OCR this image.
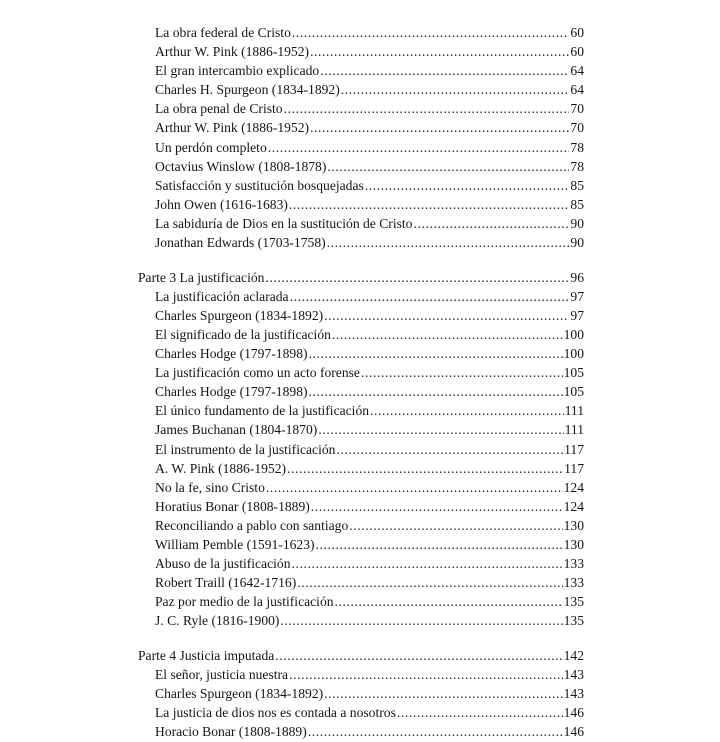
La obra federal de Cristo .....	60
Arthur W. Pink (1886-1952) .....	60
El gran intercambio explicado .....	64
Charles H. Spurgeon (1834-1892) .....	64
La obra penal de Cristo .....	70
Arthur W. Pink (1886-1952) .....	70
Un perdón completo .....	78
Octavius Winslow (1808-1878) .....	78
Satisfacción y sustitución bosquejadas .....	85
John Owen (1616-1683) .....	85
La sabiduría de Dios en la sustitución de Cristo .....	90
Jonathan Edwards (1703-1758) .....	90
Parte 3 La justificación .....	96
La justificación aclarada .....	97
Charles Spurgeon (1834-1892) .....	97
El significado de la justificación .....	100
Charles Hodge (1797-1898) .....	100
La justificación como un acto forense .....	105
Charles Hodge (1797-1898) .....	105
El único fundamento de la justificación .....	111
James Buchanan (1804-1870) .....	111
El instrumento de la justificación .....	117
A. W. Pink (1886-1952) .....	117
No la fe, sino Cristo .....	124
Horatius Bonar (1808-1889) .....	124
Reconciliando a pablo con santiago .....	130
William Pemble (1591-1623) .....	130
Abuso de la justificación .....	133
Robert Traill (1642-1716) .....	133
Paz por medio de la justificación .....	135
J. C. Ryle (1816-1900) .....	135
Parte 4 Justicia imputada .....	142
El señor, justicia nuestra .....	143
Charles Spurgeon (1834-1892) .....	143
La justicia de dios nos es contada a nosotros .....	146
Horacio Bonar (1808-1889) .....	146
